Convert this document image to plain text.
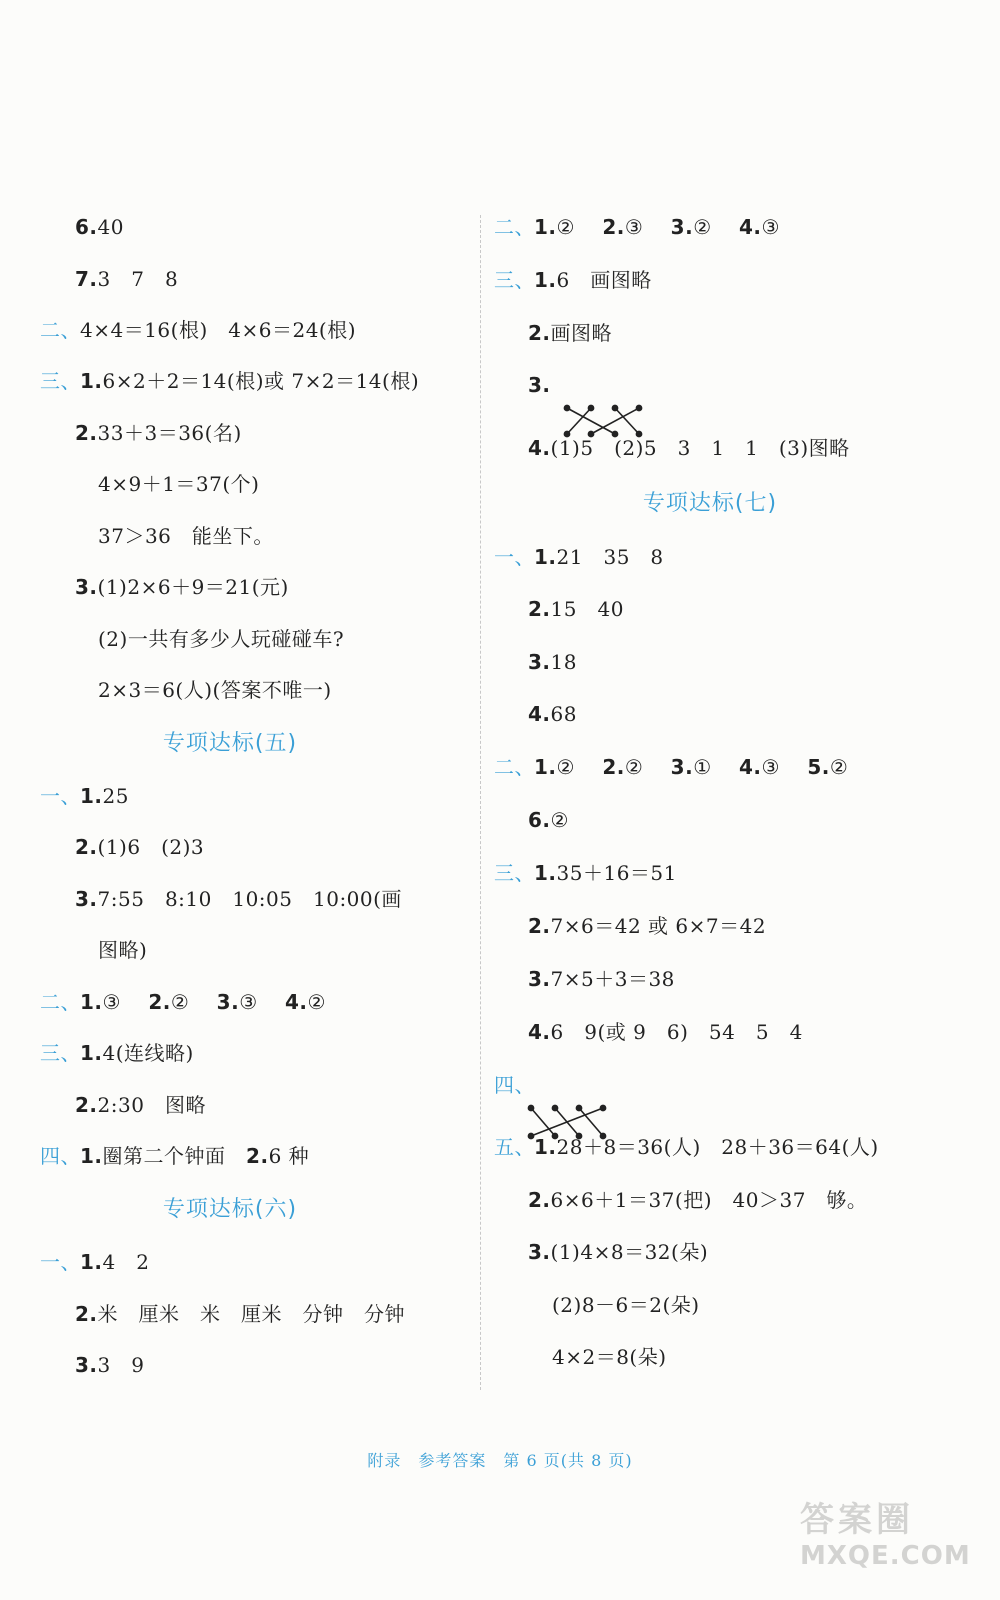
6 . 40
7 . 3　7　8
二、4×4＝16(根)　4×6＝24(根)
三、1 . 6×2＋2＝14(根)或 7×2＝14(根)
2 . 33＋3＝36(名)
4×9＋1＝37(个)
37＞36　能坐下。
3 . (1)2×6＋9＝21(元)
(2)一共有多少人玩碰碰车?
2×3＝6(人)(答案不唯一)
专项达标(五)
一、1 . 25
2 . (1)6　(2)3
3 . 7:55　8:10　10:05　10:00(画
图略)
二、1 . ③　 2 . ②　 3 . ③　 4 . ②
三、1 . 4(连线略)
2 . 2:30　图略
四、1 . 圈第二个钟面　 2 . 6 种
专项达标(六)
一、1 . 4　2
2 . 米　厘米　米　厘米　分钟　分钟
3 . 3　9
二、1 . ②　 2 . ③　 3 . ②　 4 . ③
三、1 . 6　画图略
2 . 画图略
3 .

4 . (1)5　(2)5　3　1　1　(3)图略
专项达标(七)
一、1 . 21　35　8
2 . 15　40
3 . 18
4 . 68
二、1 . ②　 2 . ②　 3 . ①　 4 . ③　 5 . ②
6 . ②
三、1 . 35＋16＝51
2 . 7×6＝42 或 6×7＝42
3 . 7×5＋3＝38
4 . 6　9(或 9　6)　54　5　4
四、

五、1 . 28＋8＝36(人)　28＋36＝64(人)
2 . 6×6＋1＝37(把)　40＞37　够。
3 . (1)4×8＝32(朵)
(2)8－6＝2(朵)
4×2＝8(朵)
附录　参考答案　第 6 页(共 8 页)
答案圈
MXQE.COM
